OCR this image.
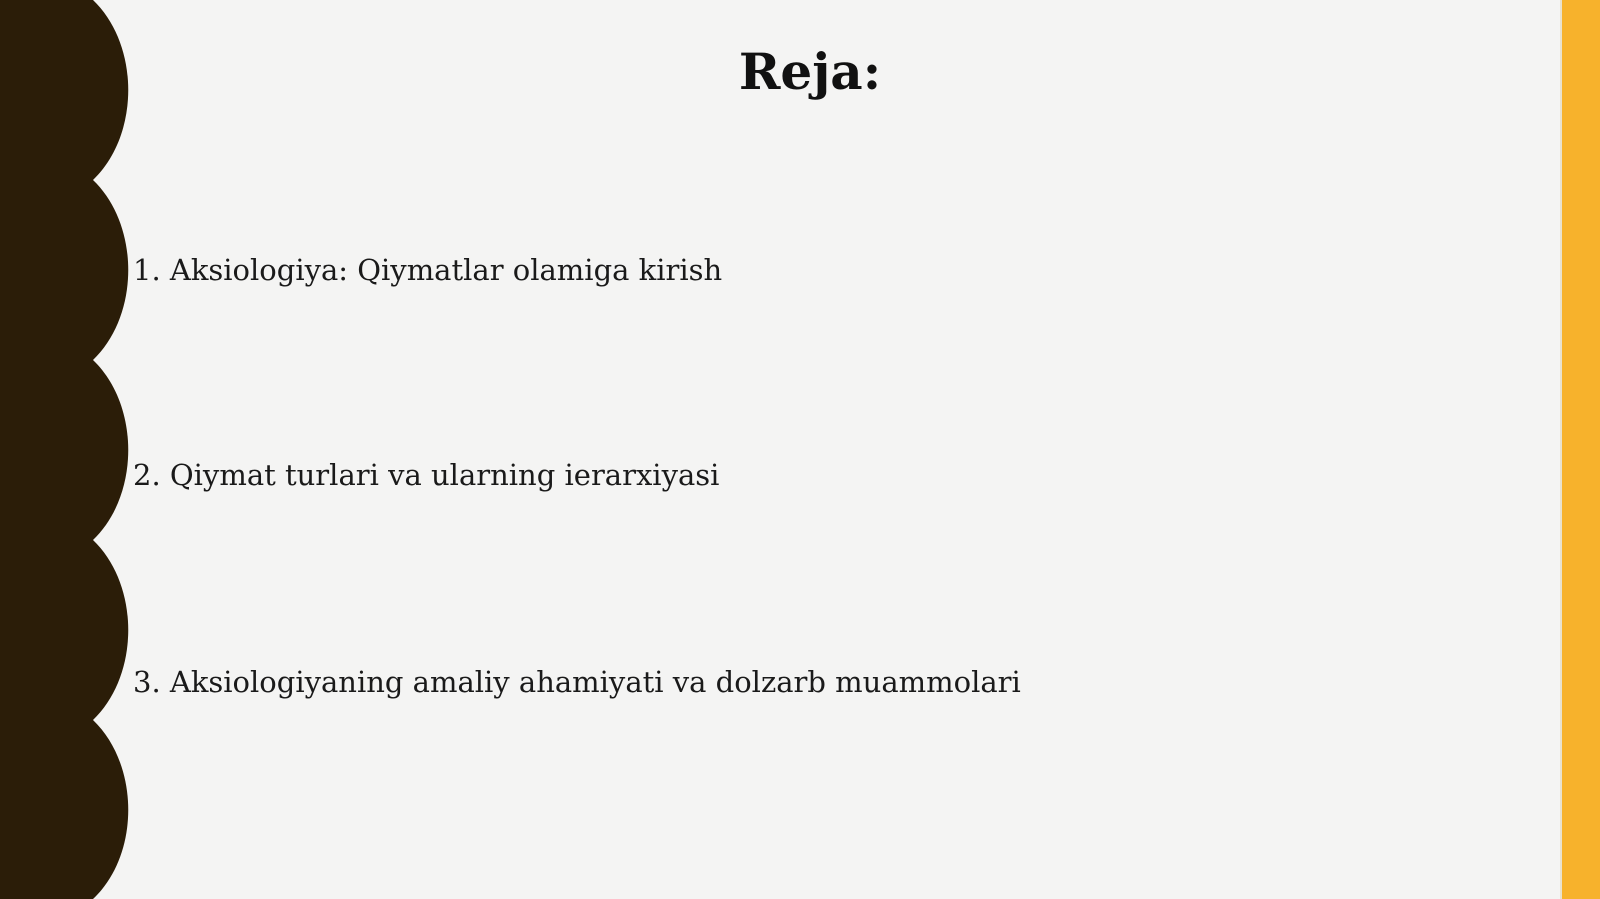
Reja:
1. Aksiologiya: Qiymatlar olamiga kirish
2. Qiymat turlari va ularning ierarxiyasi
3. Aksiologiyaning amaliy ahamiyati va dolzarb muammolari
